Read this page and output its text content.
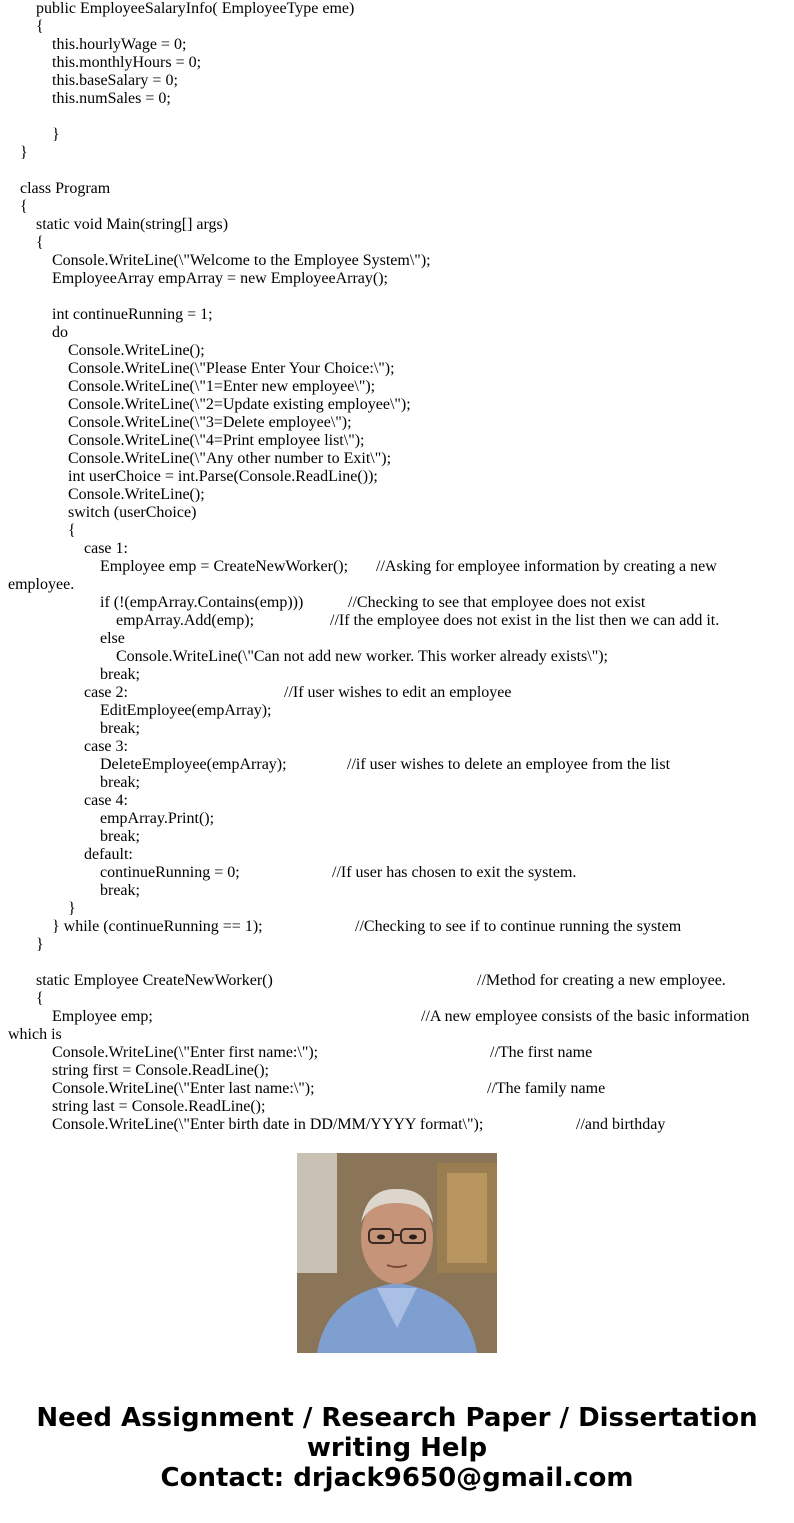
public EmployeeSalaryInfo( EmployeeType eme)
{
this.hourlyWage = 0;
this.monthlyHours = 0;
this.baseSalary = 0;
this.numSales = 0;
}
}
class Program
{
static void Main(string[] args)
{
Console.WriteLine(\"Welcome to the Employee System\");
EmployeeArray empArray = new EmployeeArray();
int continueRunning = 1;
do
Console.WriteLine();
Console.WriteLine(\"Please Enter Your Choice:\");
Console.WriteLine(\"1=Enter new employee\");
Console.WriteLine(\"2=Update existing employee\");
Console.WriteLine(\"3=Delete employee\");
Console.WriteLine(\"4=Print employee list\");
Console.WriteLine(\"Any other number to Exit\");
int userChoice = int.Parse(Console.ReadLine());
Console.WriteLine();
switch (userChoice)
{
case 1:
Employee emp = CreateNewWorker(); //Asking for employee information by creating a new
employee.
if (!(empArray.Contains(emp)))	//Checking to see that employee does not exist
empArray.Add(emp);	//If the employee does not exist in the list then we can add it.
else
Console.WriteLine(\"Can not add new worker. This worker already exists\");
break;
case 2:	//If user wishes to edit an employee
EditEmployee(empArray);
break;
case 3:
DeleteEmployee(empArray);	//if user wishes to delete an employee from the list
break;
case 4:
empArray.Print();
break;
default:
continueRunning = 0;	//If user has chosen to exit the system.
break;
}
} while (continueRunning == 1);	//Checking to see if to continue running the system
}
static Employee CreateNewWorker()	//Method for creating a new employee.
{
Employee emp;	//A new employee consists of the basic information
which is
Console.WriteLine(\"Enter first name:\");	//The first name
string first = Console.ReadLine();
Console.WriteLine(\"Enter last name:\");	//The family name
string last = Console.ReadLine();
Console.WriteLine(\"Enter birth date in DD/MM/YYYY format\");	//and birthday
Need Assignment / Research Paper / Dissertation
writing Help
Contact: drjack9650@gmail.com
